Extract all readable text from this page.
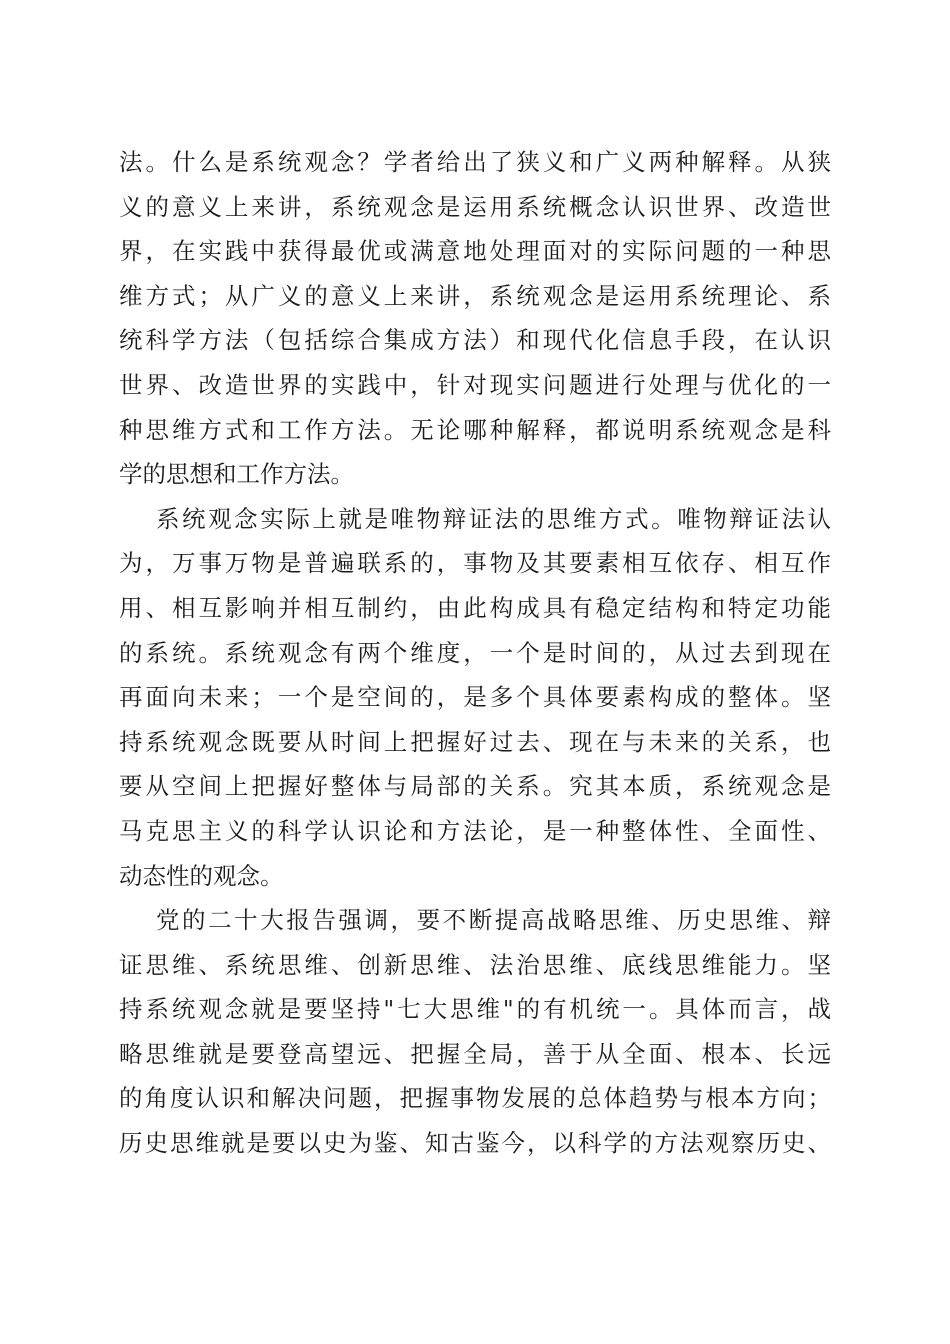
法。什么是系统观念？学者给出了狭义和广义两种解释。从狭
义的意义上来讲，系统观念是运用系统概念认识世界、改造世
界，在实践中获得最优或满意地处理面对的实际问题的一种思
维方式；从广义的意义上来讲，系统观念是运用系统理论、系
统科学方法（包括综合集成方法）和现代化信息手段，在认识
世界、改造世界的实践中，针对现实问题进行处理与优化的一
种思维方式和工作方法。无论哪种解释，都说明系统观念是科
学的思想和工作方法。
系统观念实际上就是唯物辩证法的思维方式。唯物辩证法认
为，万事万物是普遍联系的，事物及其要素相互依存、相互作
用、相互影响并相互制约，由此构成具有稳定结构和特定功能
的系统。系统观念有两个维度，一个是时间的，从过去到现在
再面向未来；一个是空间的，是多个具体要素构成的整体。坚
持系统观念既要从时间上把握好过去、现在与未来的关系，也
要从空间上把握好整体与局部的关系。究其本质，系统观念是
马克思主义的科学认识论和方法论，是一种整体性、全面性、
动态性的观念。
党的二十大报告强调，要不断提高战略思维、历史思维、辩
证思维、系统思维、创新思维、法治思维、底线思维能力。坚
持系统观念就是要坚持"七大思维"的有机统一。具体而言，战
略思维就是要登高望远、把握全局，善于从全面、根本、长远
的角度认识和解决问题，把握事物发展的总体趋势与根本方向；
历史思维就是要以史为鉴、知古鉴今，以科学的方法观察历史、
